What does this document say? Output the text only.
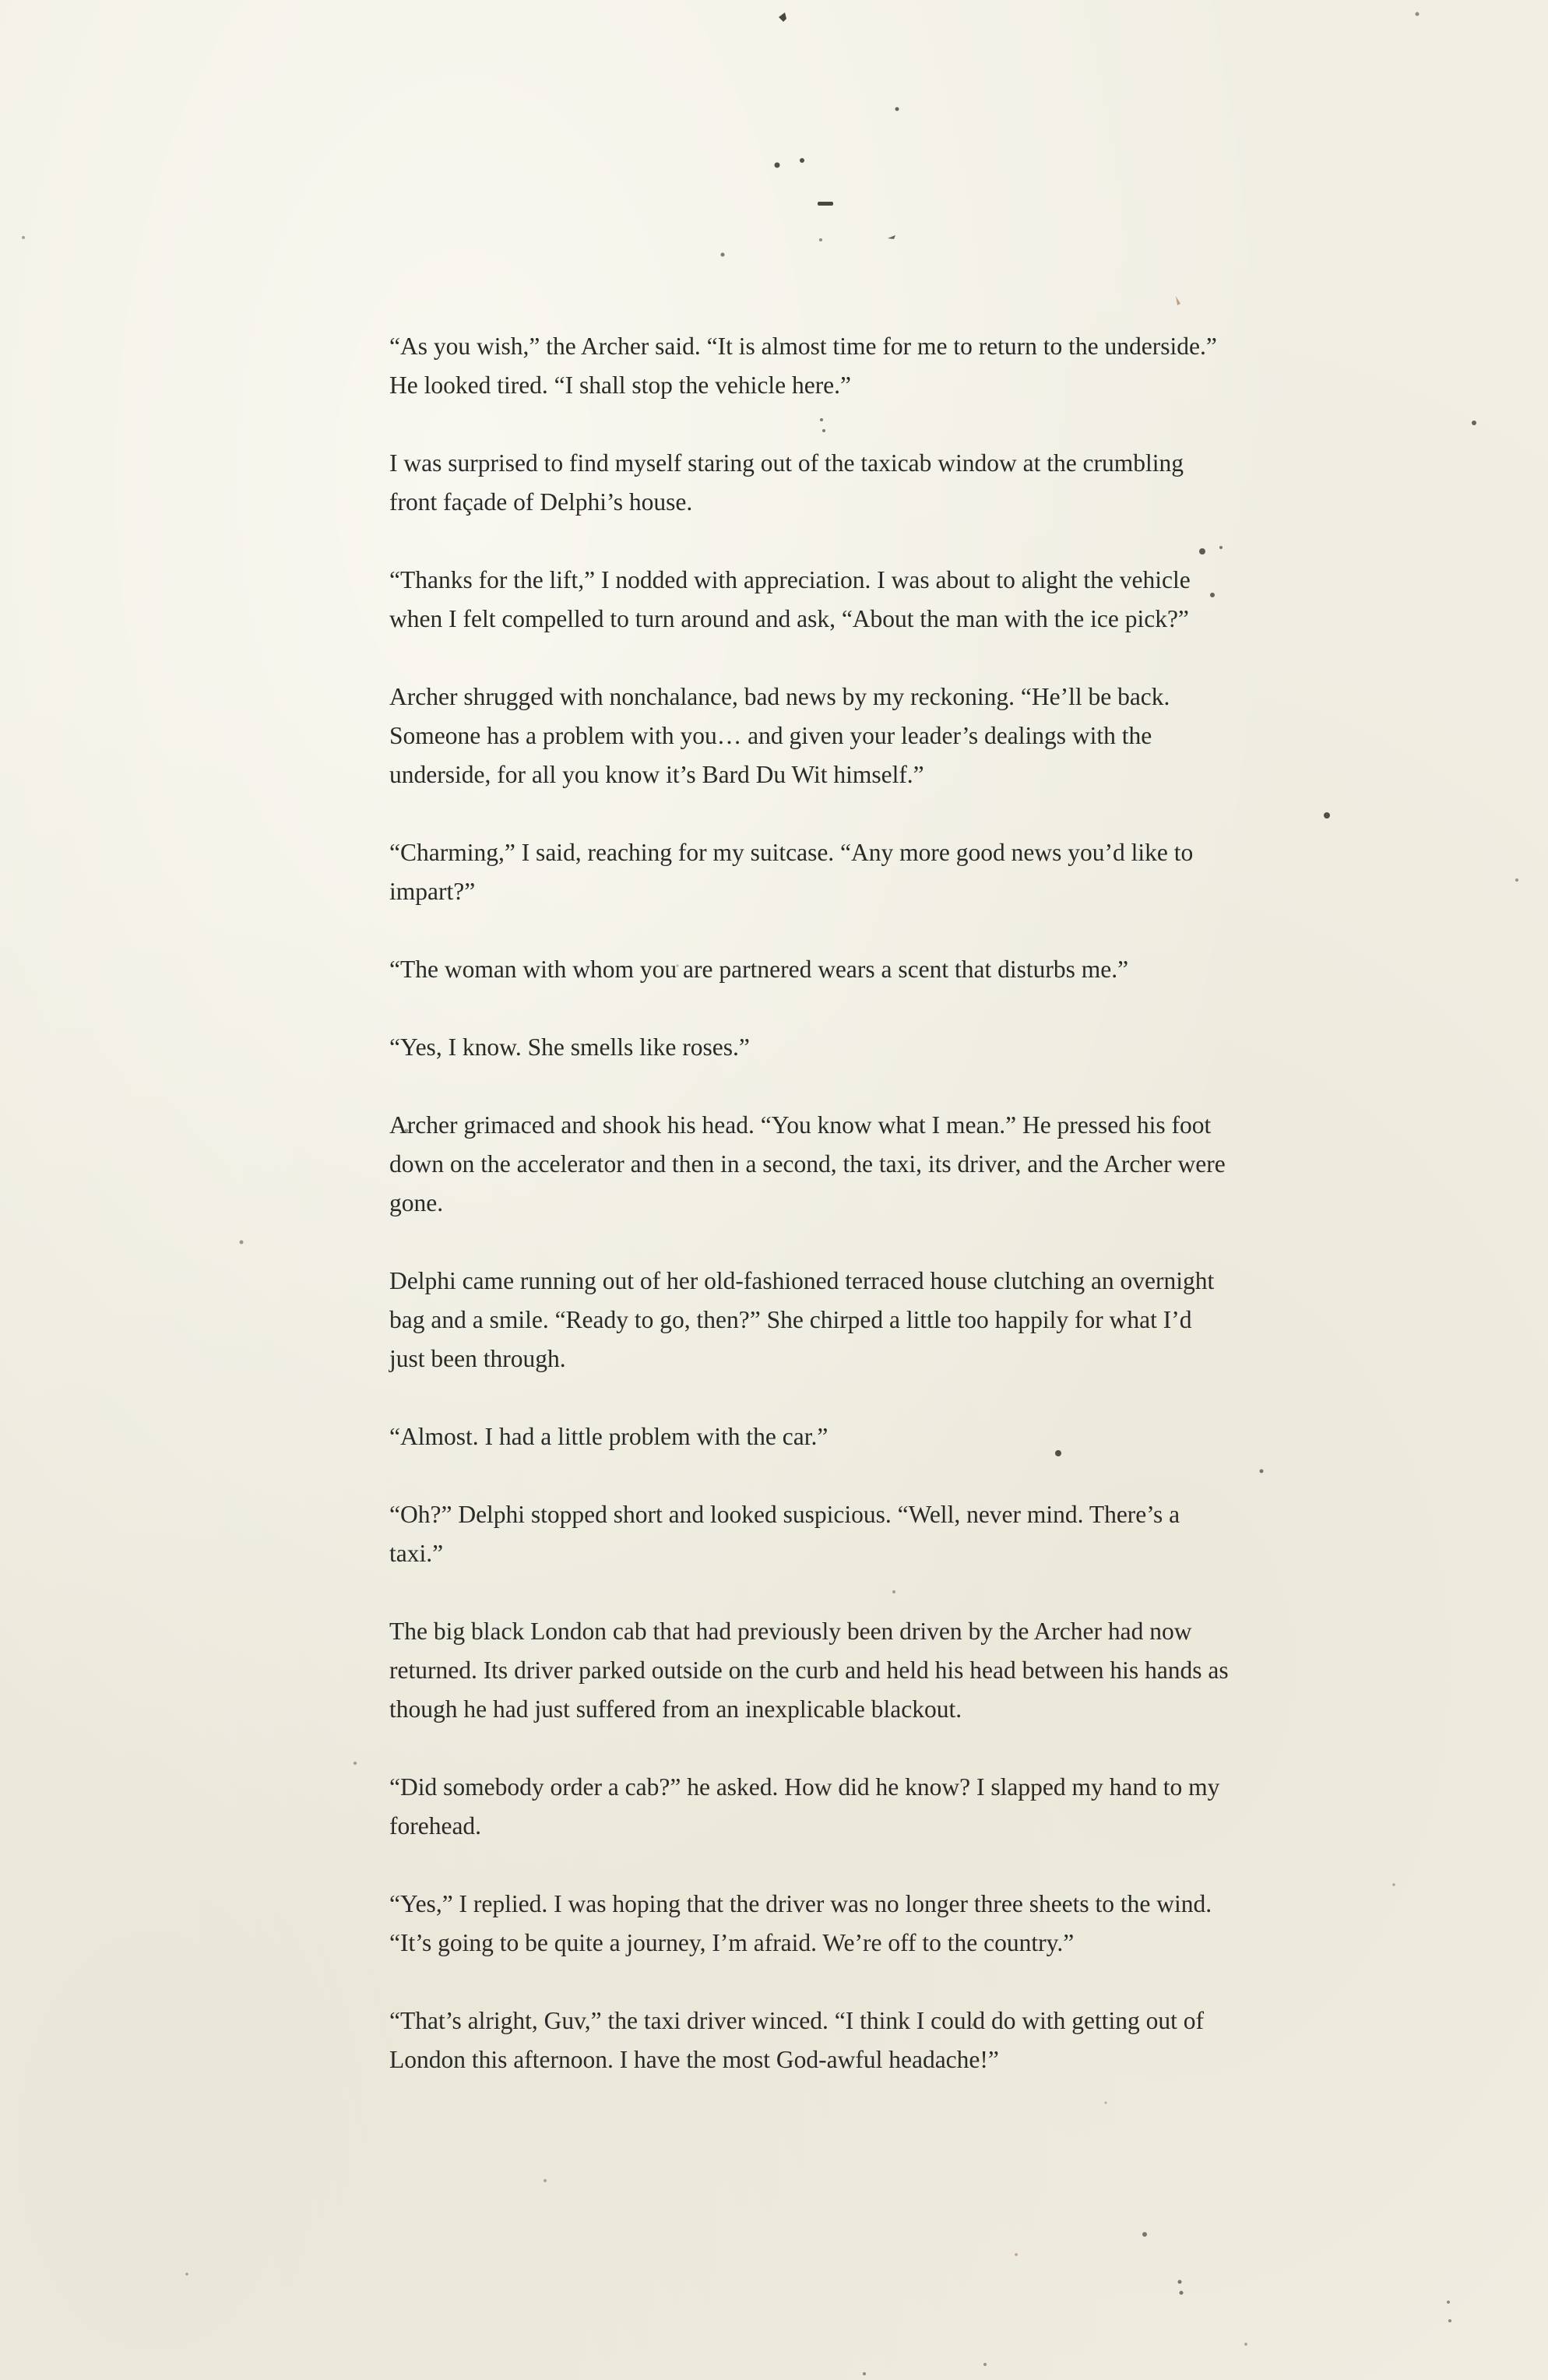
“As you wish,” the Archer said. “It is almost time for me to return to the underside.” He looked tired. “I shall stop the vehicle here.”

I was surprised to find myself staring out of the taxicab window at the crumbling front façade of Delphi’s house.

“Thanks for the lift,” I nodded with appreciation. I was about to alight the vehicle when I felt compelled to turn around and ask, “About the man with the ice pick?”

Archer shrugged with nonchalance, bad news by my reckoning. “He’ll be back. Someone has a problem with you… and given your leader’s dealings with the underside, for all you know it’s Bard Du Wit himself.”

“Charming,” I said, reaching for my suitcase. “Any more good news you’d like to impart?”

“The woman with whom you are partnered wears a scent that disturbs me.”

“Yes, I know. She smells like roses.”

Archer grimaced and shook his head. “You know what I mean.” He pressed his foot down on the accelerator and then in a second, the taxi, its driver, and the Archer were gone.

Delphi came running out of her old-fashioned terraced house clutching an overnight bag and a smile. “Ready to go, then?” She chirped a little too happily for what I’d just been through.

“Almost. I had a little problem with the car.”

“Oh?” Delphi stopped short and looked suspicious. “Well, never mind. There’s a taxi.”

The big black London cab that had previously been driven by the Archer had now returned. Its driver parked outside on the curb and held his head between his hands as though he had just suffered from an inexplicable blackout.

“Did somebody order a cab?” he asked. How did he know? I slapped my hand to my forehead.

“Yes,” I replied. I was hoping that the driver was no longer three sheets to the wind. “It’s going to be quite a journey, I’m afraid. We’re off to the country.”

“That’s alright, Guv,” the taxi driver winced. “I think I could do with getting out of London this afternoon. I have the most God-awful headache!”
